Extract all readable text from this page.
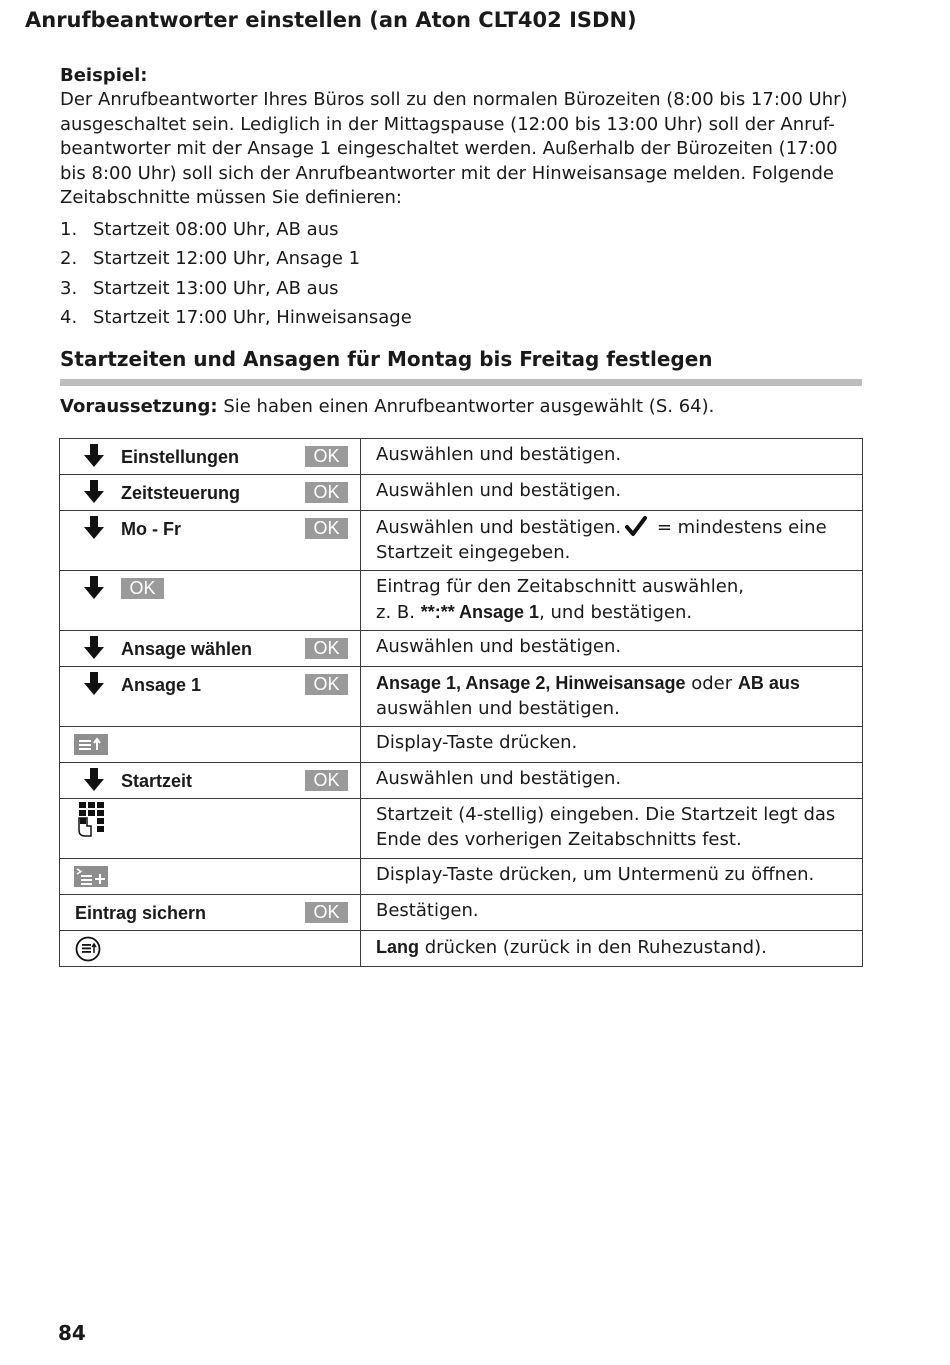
Anrufbeantworter einstellen (an Aton CLT402 ISDN)

Beispiel:

Der Anrufbeantworter Ihres Büros soll zu den normalen Bürozeiten (8:00 bis 17:00 Uhr)
ausgeschaltet sein. Lediglich in der Mittagspause (12:00 bis 13:00 Uhr) soll der Anruf-
beantworter mit der Ansage 1 eingeschaltet werden. Außerhalb der Bürozeiten (17:00
bis 8:00 Uhr) soll sich der Anrufbeantworter mit der Hinweisansage melden. Folgende
Zeitabschnitte müssen Sie definieren:

1. Startzeit 08:00 Uhr, AB aus
2. Startzeit 12:00 Uhr, Ansage 1
3. Startzeit 13:00 Uhr, AB aus
4. Startzeit 17:00 Uhr, Hinweisansage
Startzeiten und Ansagen für Montag bis Freitag festlegen
Voraussetzung: Sie haben einen Anrufbeantworter ausgewählt (S. 64).
Einstellungen OK	Auswählen und bestätigen.

Zeitsteuerung OK	Auswählen und bestätigen.

Mo - Fr OK	Auswählen und bestätigen. = mindestens eine Startzeit eingegeben.

OK	Eintrag für den Zeitabschnitt auswählen,
z. B. **:** Ansage 1, und bestätigen.

Ansage wählen OK	Auswählen und bestätigen.

Ansage 1 OK	Ansage 1, Ansage 2, Hinweisansage oder AB aus
auswählen und bestätigen.

	Display-Taste drücken.

Startzeit OK	Auswählen und bestätigen.

	Startzeit (4-stellig) eingeben. Die Startzeit legt das
Ende des vorherigen Zeitabschnitts fest.

	Display-Taste drücken, um Untermenü zu öffnen.

Eintrag sichern OK	Bestätigen.

	Lang drücken (zurück in den Ruhezustand).
84
